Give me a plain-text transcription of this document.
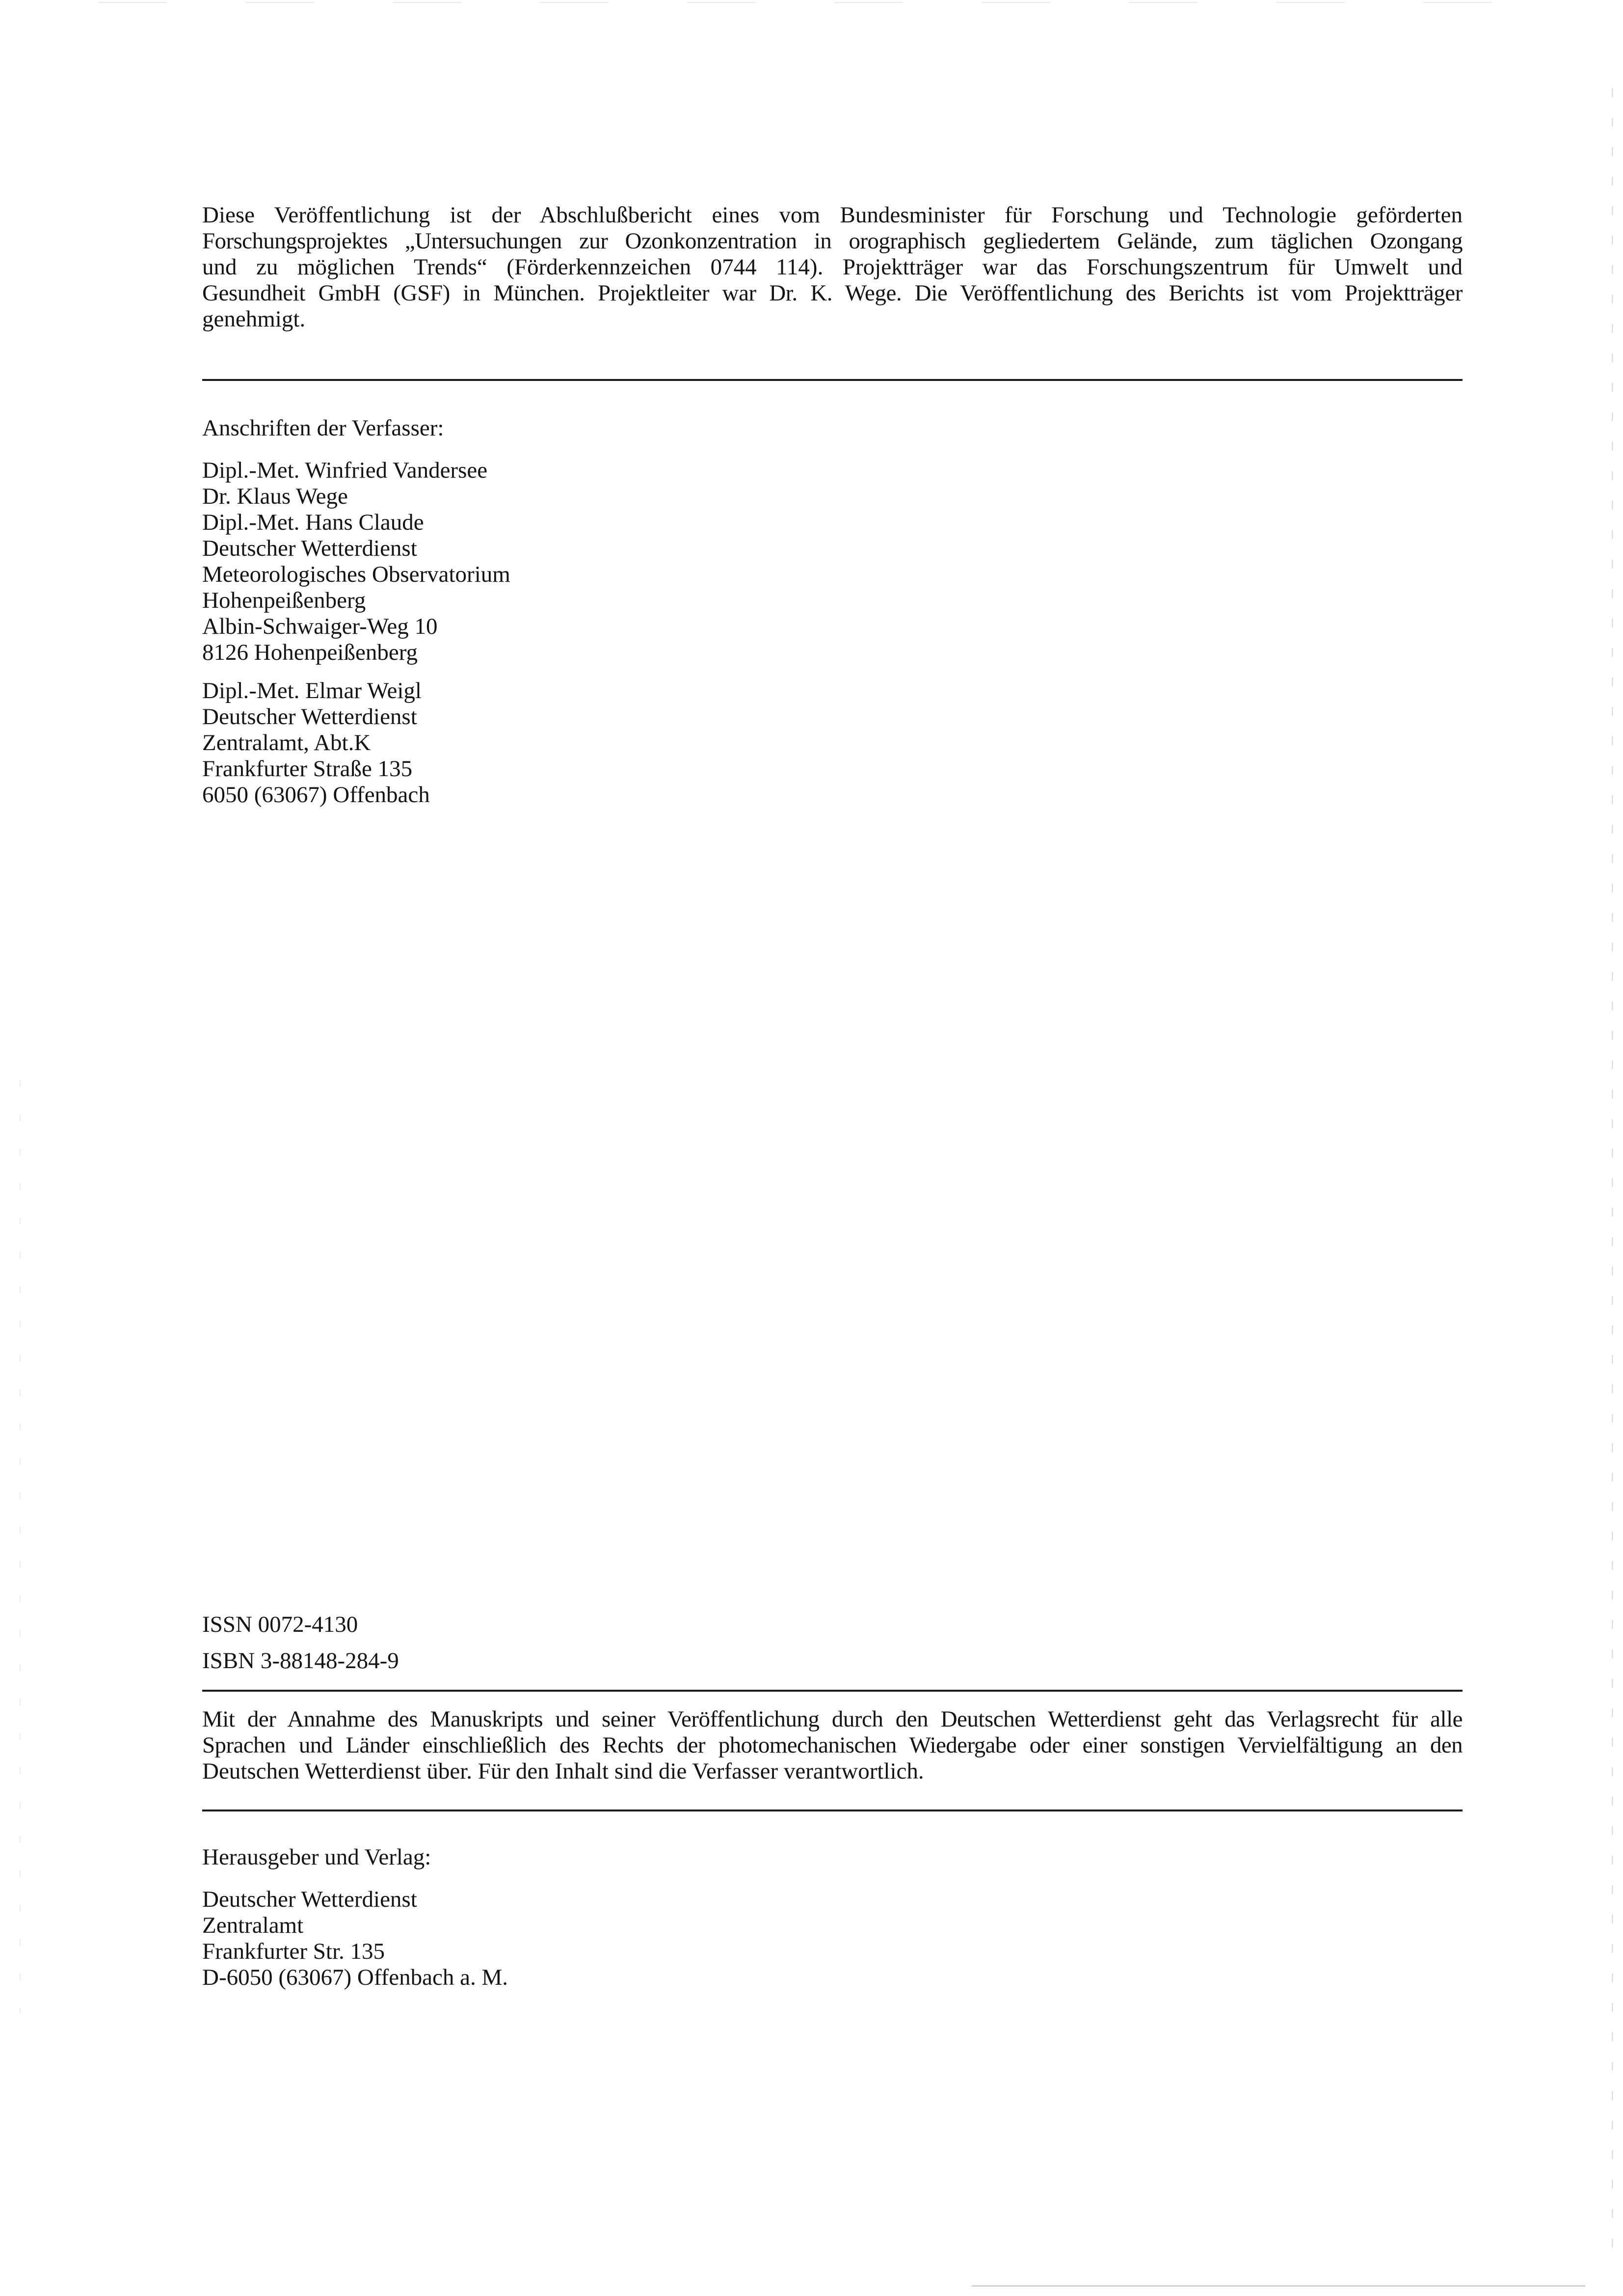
Diese Veröffentlichung ist der Abschlußbericht eines vom Bundesminister für Forschung und Technologie geförderten
Forschungsprojektes „Untersuchungen zur Ozonkonzentration in orographisch gegliedertem Gelände, zum täglichen Ozongang
und zu möglichen Trends“ (Förderkennzeichen 0744 114). Projektträger war das Forschungszentrum für Umwelt und
Gesundheit GmbH (GSF) in München. Projektleiter war Dr. K. Wege. Die Veröffentlichung des Berichts ist vom Projektträger
genehmigt.

Anschriften der Verfasser:

Dipl.-Met. Winfried Vandersee
Dr. Klaus Wege
Dipl.-Met. Hans Claude
Deutscher Wetterdienst
Meteorologisches Observatorium
Hohenpeißenberg
Albin-Schwaiger-Weg 10
8126 Hohenpeißenberg
Dipl.-Met. Elmar Weigl
Deutscher Wetterdienst
Zentralamt, Abt.K
Frankfurter Straße 135
6050 (63067) Offenbach
ISSN 0072-4130
ISBN 3-88148-284-9

Mit der Annahme des Manuskripts und seiner Veröffentlichung durch den Deutschen Wetterdienst geht das Verlagsrecht für alle
Sprachen und Länder einschließlich des Rechts der photomechanischen Wiedergabe oder einer sonstigen Vervielfältigung an den
Deutschen Wetterdienst über. Für den Inhalt sind die Verfasser verantwortlich.

Herausgeber und Verlag:

Deutscher Wetterdienst
Zentralamt
Frankfurter Str. 135
D-6050 (63067) Offenbach a. M.
